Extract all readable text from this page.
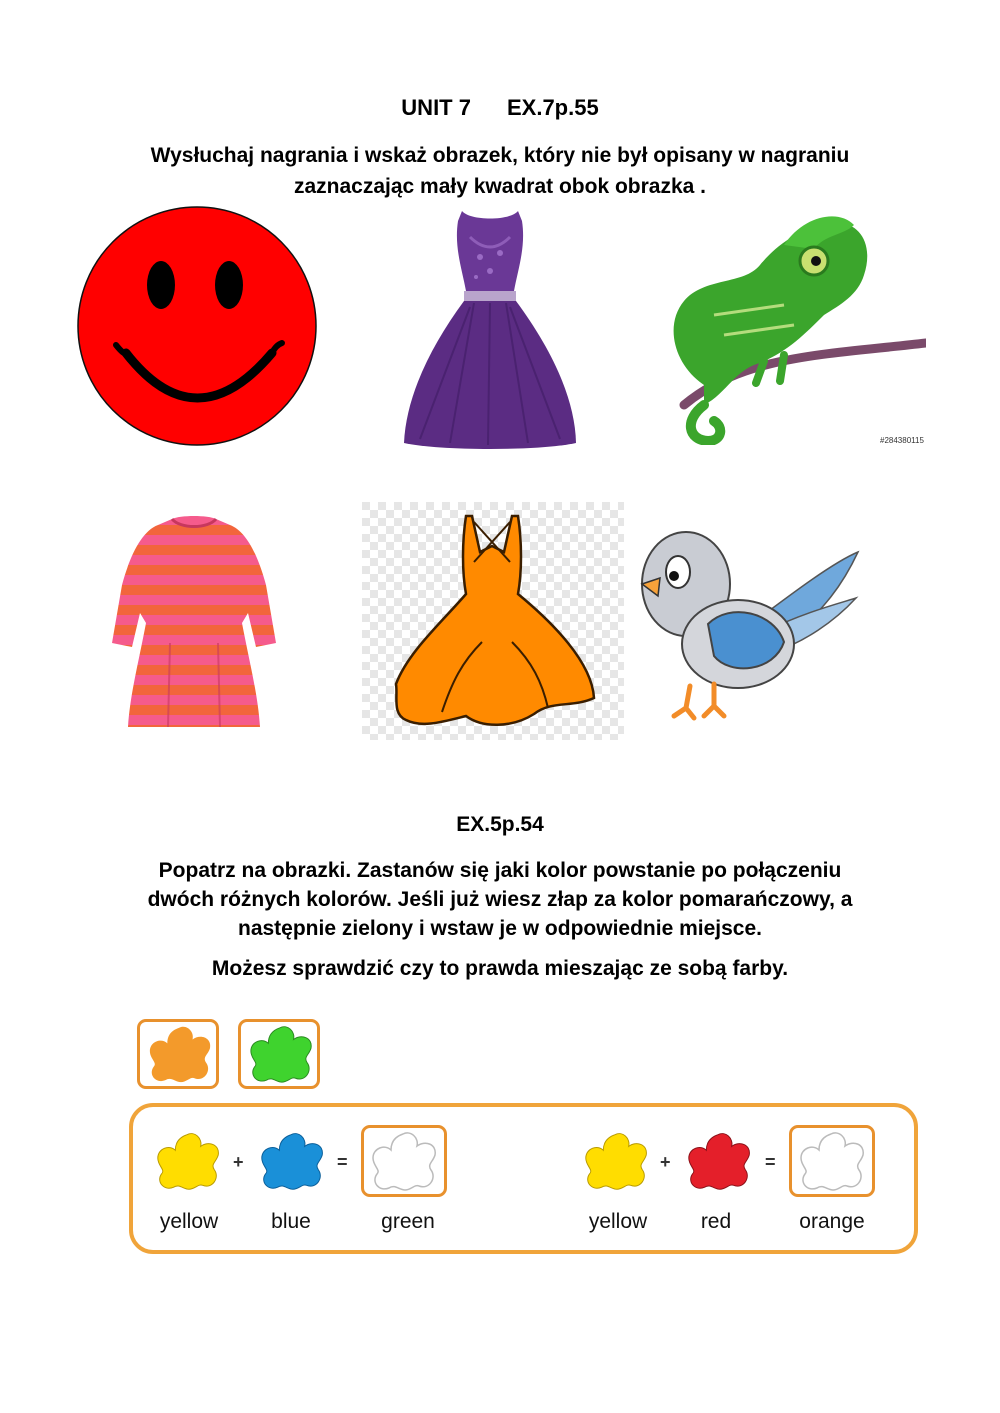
UNIT 7 EX.7p.55

Wysłuchaj nagrania i wskaż obrazek, który nie był opisany w nagraniu
zaznaczając mały kwadrat obok obrazka .
#284380115

EX.5p.54

Popatrz na obrazki. Zastanów się jaki kolor powstanie po połączeniu
dwóch różnych kolorów. Jeśli już wiesz złap za kolor pomarańczowy, a
następnie zielony i wstaw je w odpowiednie miejsce.

Możesz sprawdzić czy to prawda mieszając ze sobą farby.

+	=
yellow	blue	green
+	=
yellow	red	orange
